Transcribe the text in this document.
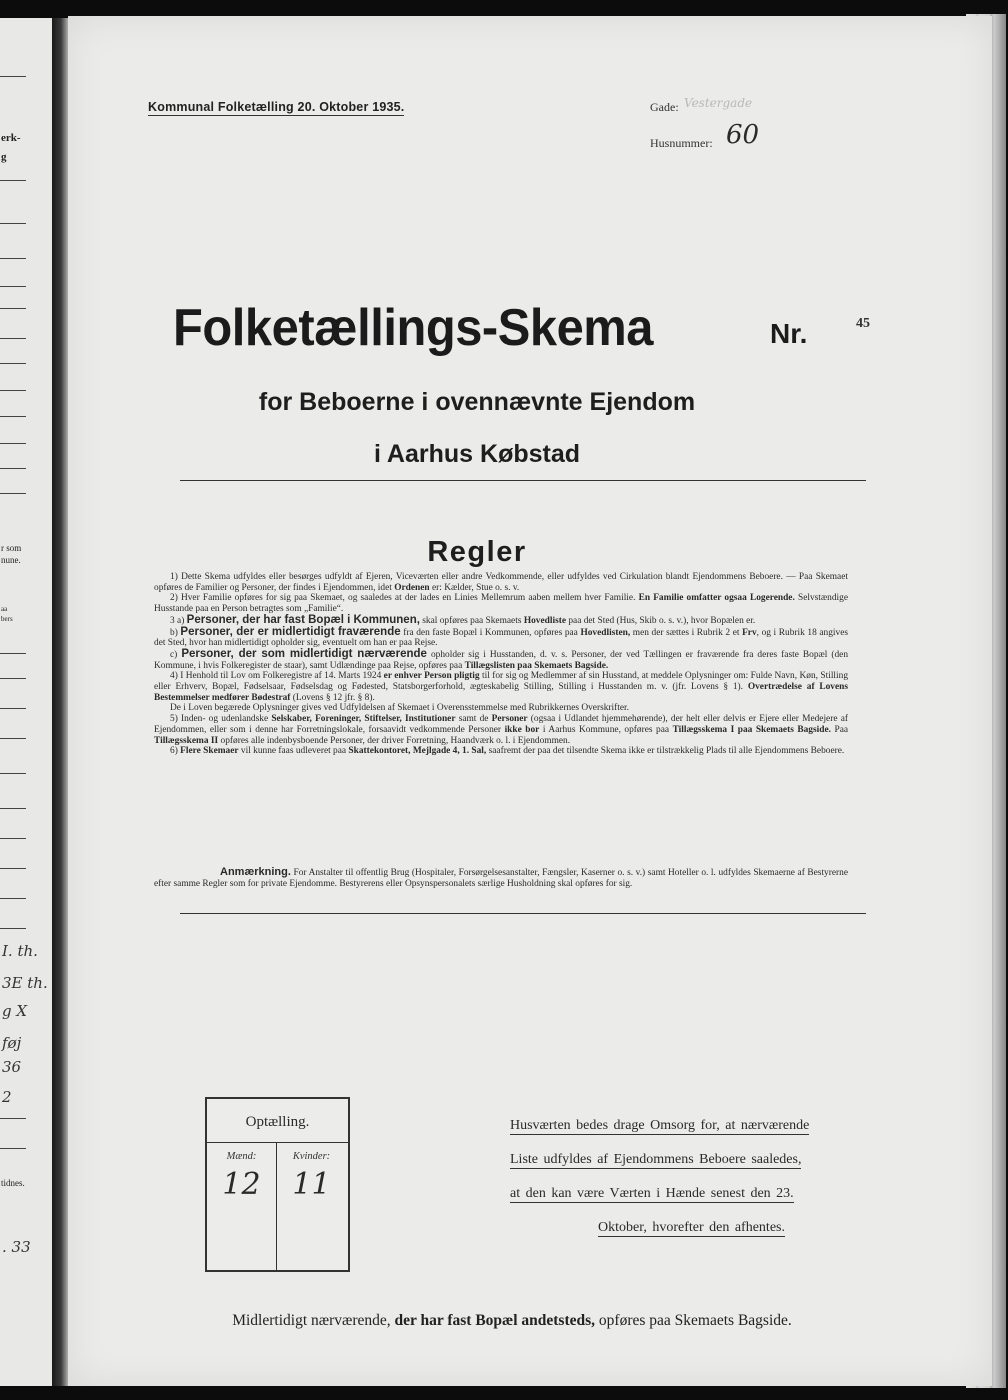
erk-
g
r som
nune.
aa
bers
I. th.
3E th.
g X
føj
36
2
tidnes.
. 33
Kommunal Folketælling 20. Oktober 1935.	Gade: Vestergade
Husnummer: 60
Folketællings-Skema	Nr.	45
for Beboerne i ovennævnte Ejendom
i Aarhus Købstad
Regler

1) Dette Skema udfyldes eller besørges udfyldt af Ejeren, Viceværten eller andre Vedkommende, eller udfyldes ved Cirkulation blandt Ejendommens Beboere. — Paa Skemaet opføres de Familier og Personer, der findes i Ejendommen, idet Ordenen er: Kælder, Stue o. s. v.

2) Hver Familie opføres for sig paa Skemaet, og saaledes at der lades en Linies Mellemrum aaben mellem hver Familie. En Familie omfatter ogsaa Logerende. Selvstændige Husstande paa en Person betragtes som „Familie“.

3 a) Personer, der har fast Bopæl i Kommunen, skal opføres paa Skemaets Hovedliste paa det Sted (Hus, Skib o. s. v.), hvor Bopælen er.

b) Personer, der er midlertidigt fraværende fra den faste Bopæl i Kommunen, opføres paa Hovedlisten, men der sættes i Rubrik 2 et Frv, og i Rubrik 18 angives det Sted, hvor han midlertidigt opholder sig, eventuelt om han er paa Rejse.

c) Personer, der som midlertidigt nærværende opholder sig i Husstanden, d. v. s. Personer, der ved Tællingen er fraværende fra deres faste Bopæl (den Kommune, i hvis Folkeregister de staar), samt Udlændinge paa Rejse, opføres paa Tillægslisten paa Skemaets Bagside.

4) I Henhold til Lov om Folkeregistre af 14. Marts 1924 er enhver Person pligtig til for sig og Medlemmer af sin Husstand, at meddele Oplysninger om: Fulde Navn, Køn, Stilling eller Erhverv, Bopæl, Fødselsaar, Fødselsdag og Fødested, Statsborgerforhold, ægteskabelig Stilling, Stilling i Husstanden m. v. (jfr. Lovens § 1). Overtrædelse af Lovens Bestemmelser medfører Bødestraf (Lovens § 12 jfr. § 8).

De i Loven begærede Oplysninger gives ved Udfyldelsen af Skemaet i Overensstemmelse med Rubrikkernes Overskrifter.

5) Inden- og udenlandske Selskaber, Foreninger, Stiftelser, Institutioner samt de Personer (ogsaa i Udlandet hjemmehørende), der helt eller delvis er Ejere eller Medejere af Ejendommen, eller som i denne har Forretningslokale, forsaavidt vedkommende Personer ikke bor i Aarhus Kommune, opføres paa Tillægsskema I paa Skemaets Bagside. Paa Tillægsskema II opføres alle indenbysboende Personer, der driver Forretning, Haandværk o. l. i Ejendommen.

6) Flere Skemaer vil kunne faas udleveret paa Skattekontoret, Mejlgade 4, 1. Sal, saafremt der paa det tilsendte Skema ikke er tilstrækkelig Plads til alle Ejendommens Beboere.

Anmærkning. For Anstalter til offentlig Brug (Hospitaler, Forsørgelsesanstalter, Fængsler, Kaserner o. s. v.) samt Hoteller o. l. udfyldes Skemaerne af Bestyrerne efter samme Regler som for private Ejendomme. Bestyrerens eller Opsynspersonalets særlige Husholdning skal opføres for sig.
Optælling.
Mænd:	Kvinder:
12	11
Husværten bedes drage Omsorg for, at nærværende
Liste udfyldes af Ejendommens Beboere saaledes,
at den kan være Værten i Hænde senest den 23.
Oktober, hvorefter den afhentes.
Midlertidigt nærværende, der har fast Bopæl andetsteds, opføres paa Skemaets Bagside.
